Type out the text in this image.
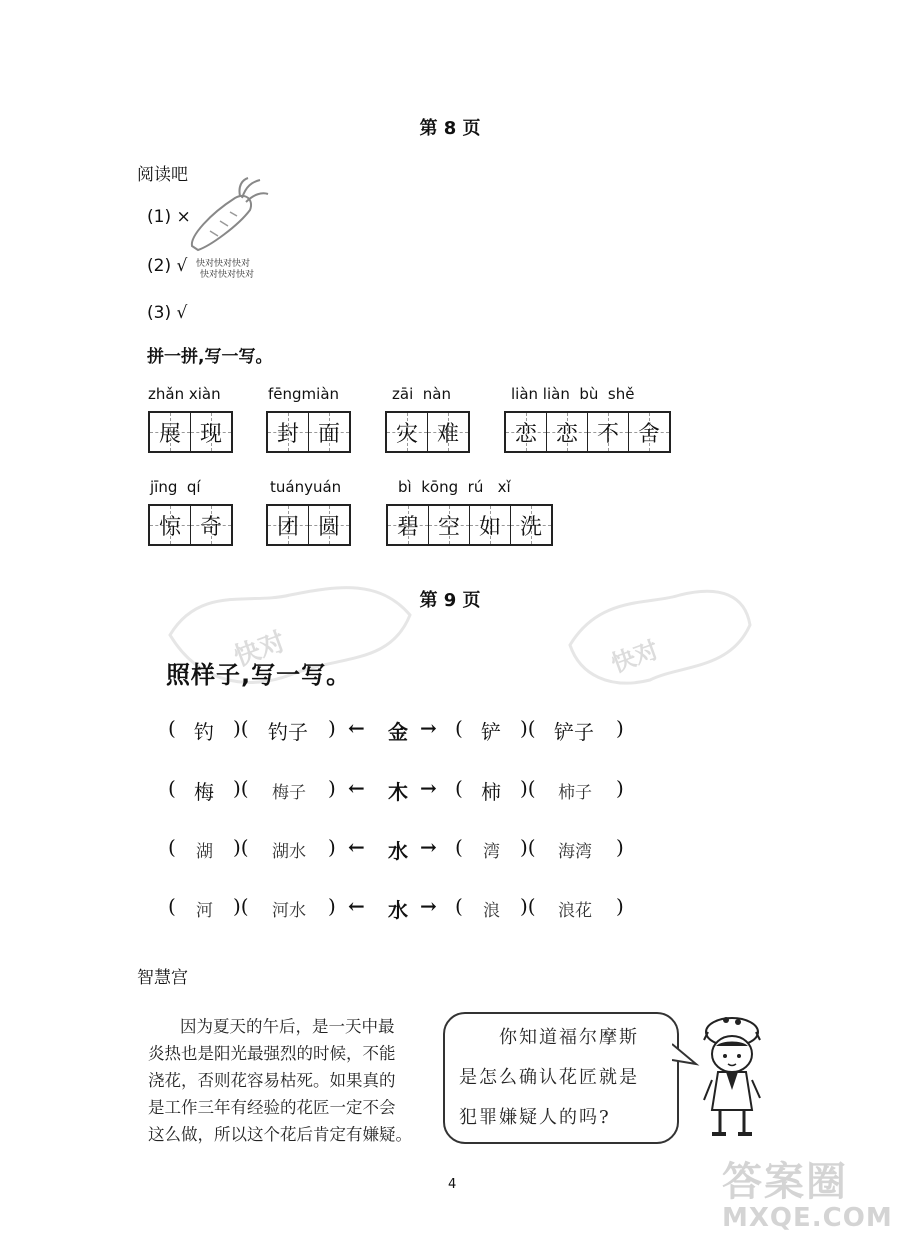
第 8 页
阅读吧
(1) ×
(2) √ 快对快对快对
快对快对快对
(3) √
拼一拼,写一写。
zhǎn xiàn
展 现
fēngmiàn
封 面
zāi  nàn
灾 难
liàn liàn  bù  shě
恋 恋 不 舍
jīng  qí
惊 奇
tuányuán
团 圆
bì  kōng  rú   xǐ
碧 空 如 洗
第 9 页
快对	快对
照样子,写一写。
( 钓 )( 钓子 ) ← 金 → ( 铲 )( 铲子 )
( 梅 )( 梅子 ) ← 木 → ( 柿 )( 柿子 )
( 湖 )( 湖水 ) ← 水 → ( 湾 )( 海湾 )
( 河 )( 河水 ) ← 水 → ( 浪 )( 浪花 )
智慧宫
因为夏天的午后，是一天中最
炎热也是阳光最强烈的时候，不能
浇花，否则花容易枯死。如果真的
是工作三年有经验的花匠一定不会
这么做，所以这个花后肯定有嫌疑。
你知道福尔摩斯
是怎么确认花匠就是
犯罪嫌疑人的吗?
4	答案圈
MXQE.COM
